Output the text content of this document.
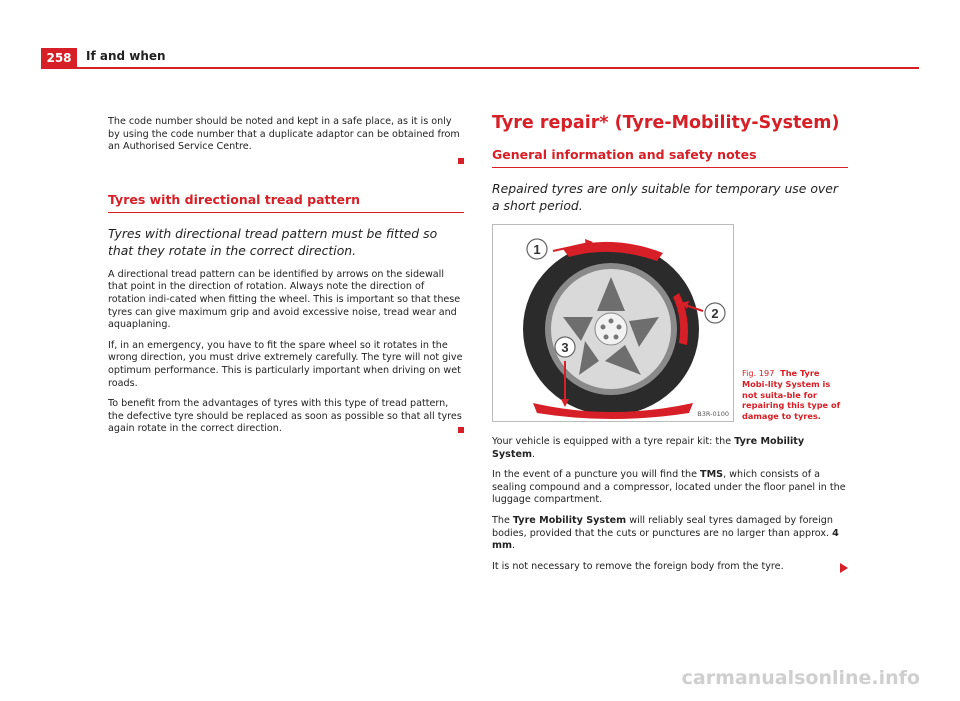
258	If and when

The code number should be noted and kept in a safe place, as it is only by using the code number that a duplicate adaptor can be obtained from an Authorised Service Centre.

Tyres with directional tread pattern
Tyres with directional tread pattern must be fitted so that they rotate in the correct direction.

A directional tread pattern can be identified by arrows on the sidewall that point in the direction of rotation. Always note the direction of rotation indi-cated when fitting the wheel. This is important so that these tyres can give maximum grip and avoid excessive noise, tread wear and aquaplaning.

If, in an emergency, you have to fit the spare wheel so it rotates in the wrong direction, you must drive extremely carefully. The tyre will not give optimum performance. This is particularly important when driving on wet roads.

To benefit from the advantages of tyres with this type of tread pattern, the defective tyre should be replaced as soon as possible so that all tyres again rotate in the correct direction.

Tyre repair* (Tyre-Mobility-System)
General information and safety notes
Repaired tyres are only suitable for temporary use over a short period.
1
2
3
B3R-0100
Fig. 197 The Tyre Mobi-lity System is not suita-ble for repairing this type of damage to tyres.

Your vehicle is equipped with a tyre repair kit: the Tyre Mobility System.

In the event of a puncture you will find the TMS, which consists of a sealing compound and a compressor, located under the floor panel in the luggage compartment.

The Tyre Mobility System will reliably seal tyres damaged by foreign bodies, provided that the cuts or punctures are no larger than approx. 4 mm.

It is not necessary to remove the foreign body from the tyre.

carmanualsonline.info
